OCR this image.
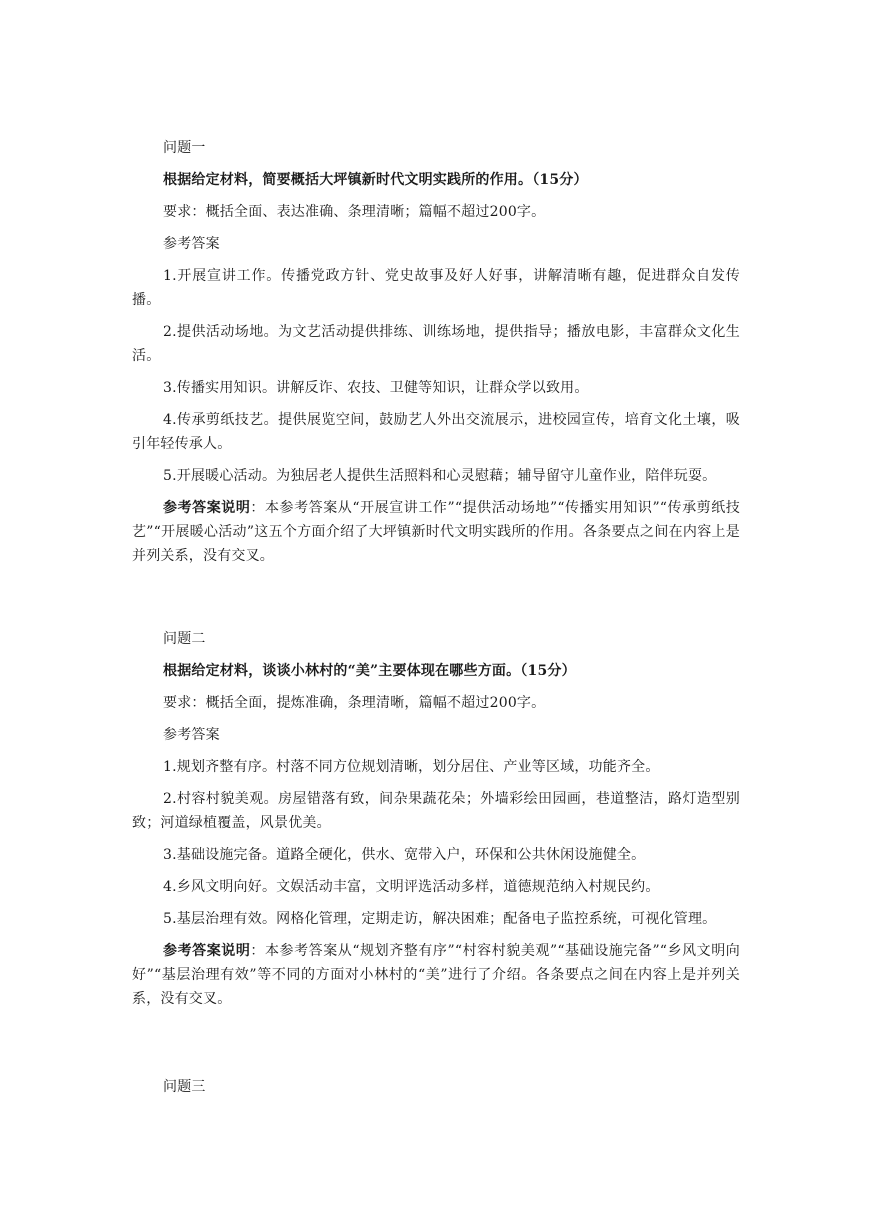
问题一

根据给定材料，简要概括大坪镇新时代文明实践所的作用。（15分）

要求：概括全面、表达准确、条理清晰；篇幅不超过200字。

参考答案

1.开展宣讲工作。传播党政方针、党史故事及好人好事，讲解清晰有趣，促进群众自发传播。

2.提供活动场地。为文艺活动提供排练、训练场地，提供指导；播放电影，丰富群众文化生活。

3.传播实用知识。讲解反诈、农技、卫健等知识，让群众学以致用。

4.传承剪纸技艺。提供展览空间，鼓励艺人外出交流展示，进校园宣传，培育文化土壤，吸引年轻传承人。

5.开展暖心活动。为独居老人提供生活照料和心灵慰藉；辅导留守儿童作业，陪伴玩耍。

参考答案说明：本参考答案从“开展宣讲工作”“提供活动场地”“传播实用知识”“传承剪纸技艺”“开展暖心活动”这五个方面介绍了大坪镇新时代文明实践所的作用。各条要点之间在内容上是并列关系，没有交叉。

问题二

根据给定材料，谈谈小林村的“美”主要体现在哪些方面。（15分）

要求：概括全面，提炼准确，条理清晰，篇幅不超过200字。

参考答案

1.规划齐整有序。村落不同方位规划清晰，划分居住、产业等区域，功能齐全。

2.村容村貌美观。房屋错落有致，间杂果蔬花朵；外墙彩绘田园画，巷道整洁，路灯造型别致；河道绿植覆盖，风景优美。

3.基础设施完备。道路全硬化，供水、宽带入户，环保和公共休闲设施健全。

4.乡风文明向好。文娱活动丰富，文明评选活动多样，道德规范纳入村规民约。

5.基层治理有效。网格化管理，定期走访，解决困难；配备电子监控系统，可视化管理。

参考答案说明：本参考答案从“规划齐整有序”“村容村貌美观”“基础设施完备”“乡风文明向好”“基层治理有效”等不同的方面对小林村的“美”进行了介绍。各条要点之间在内容上是并列关系，没有交叉。

问题三
